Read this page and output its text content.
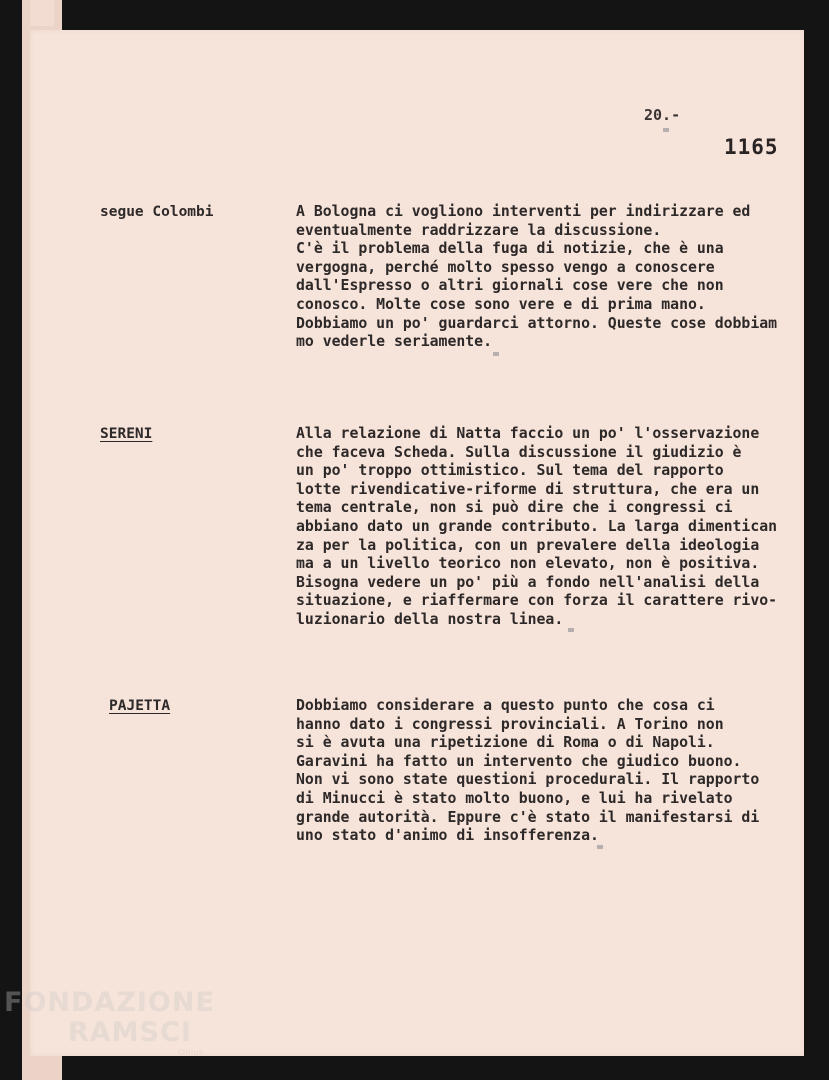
20.-
1165
segue Colombi	A Bologna ci vogliono interventi per indirizzare ed
eventualmente raddrizzare la discussione.
C'è il problema della fuga di notizie, che è una
vergogna, perché molto spesso vengo a conoscere
dall'Espresso o altri giornali cose vere che non
conosco. Molte cose sono vere e di prima mano.
Dobbiamo un po' guardarci attorno. Queste cose dobbiam
mo vederle seriamente.
SERENI	Alla relazione di Natta faccio un po' l'osservazione
che faceva Scheda. Sulla discussione il giudizio è
un po' troppo ottimistico. Sul tema del rapporto
lotte rivendicative-riforme di struttura, che era un
tema centrale, non si può dire che i congressi ci
abbiano dato un grande contributo. La larga dimentican
za per la politica, con un prevalere della ideologia
ma a un livello teorico non elevato, non è positiva.
Bisogna vedere un po' più a fondo nell'analisi della
situazione, e riaffermare con forza il carattere rivo-
luzionario della nostra linea.
PAJETTA	Dobbiamo considerare a questo punto che cosa ci
hanno dato i congressi provinciali. A Torino non
si è avuta una ripetizione di Roma o di Napoli.
Garavini ha fatto un intervento che giudico buono.
Non vi sono state questioni procedurali. Il rapporto
di Minucci è stato molto buono, e lui ha rivelato
grande autorità. Eppure c'è stato il manifestarsi di
uno stato d'animo di insofferenza.
FONDAZIONE
RAMSCI
Onlus
